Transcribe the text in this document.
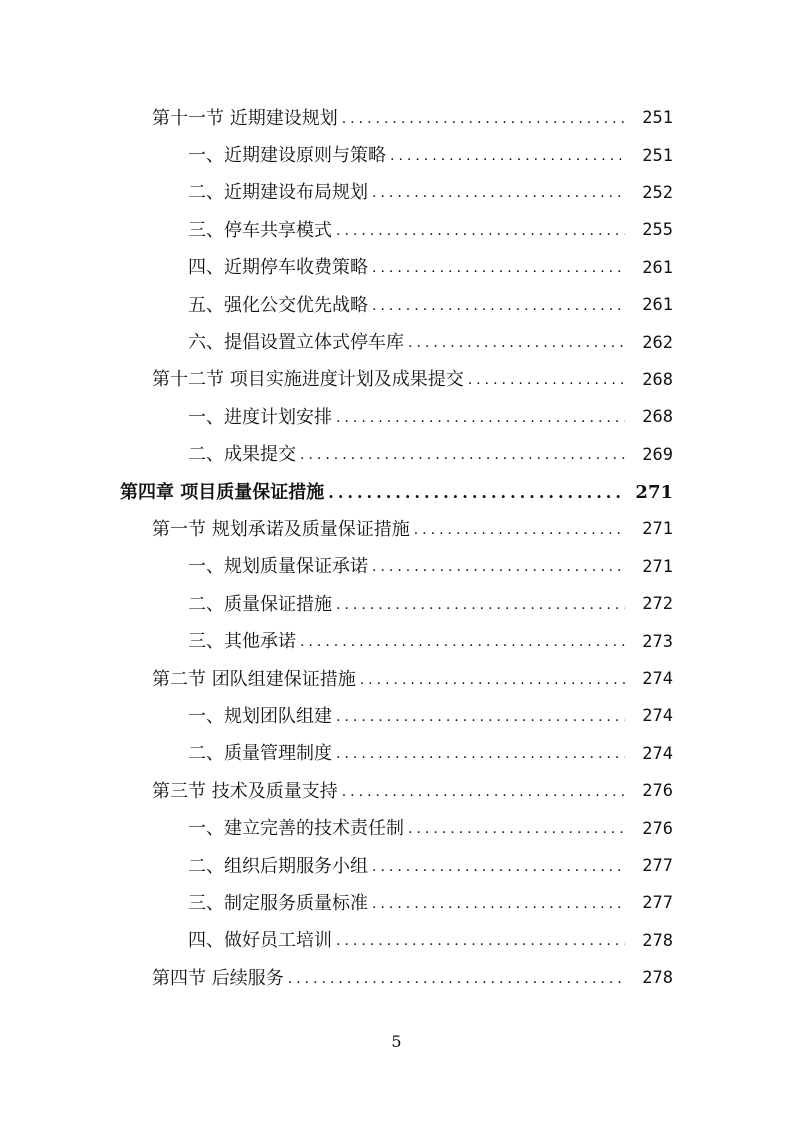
第十一节 近期建设规划 .....	251
一、近期建设原则与策略 .....	251
二、近期建设布局规划 .....	252
三、停车共享模式 .....	255
四、近期停车收费策略 .....	261
五、强化公交优先战略 .....	261
六、提倡设置立体式停车库 .....	262
第十二节 项目实施进度计划及成果提交 .....	268
一、进度计划安排 .....	268
二、成果提交 .....	269
第四章 项目质量保证措施 .....	271
第一节 规划承诺及质量保证措施 .....	271
一、规划质量保证承诺 .....	271
二、质量保证措施 .....	272
三、其他承诺 .....	273
第二节 团队组建保证措施 .....	274
一、规划团队组建 .....	274
二、质量管理制度 .....	274
第三节 技术及质量支持 .....	276
一、建立完善的技术责任制 .....	276
二、组织后期服务小组 .....	277
三、制定服务质量标准 .....	277
四、做好员工培训 .....	278
第四节 后续服务 .....	278
5
